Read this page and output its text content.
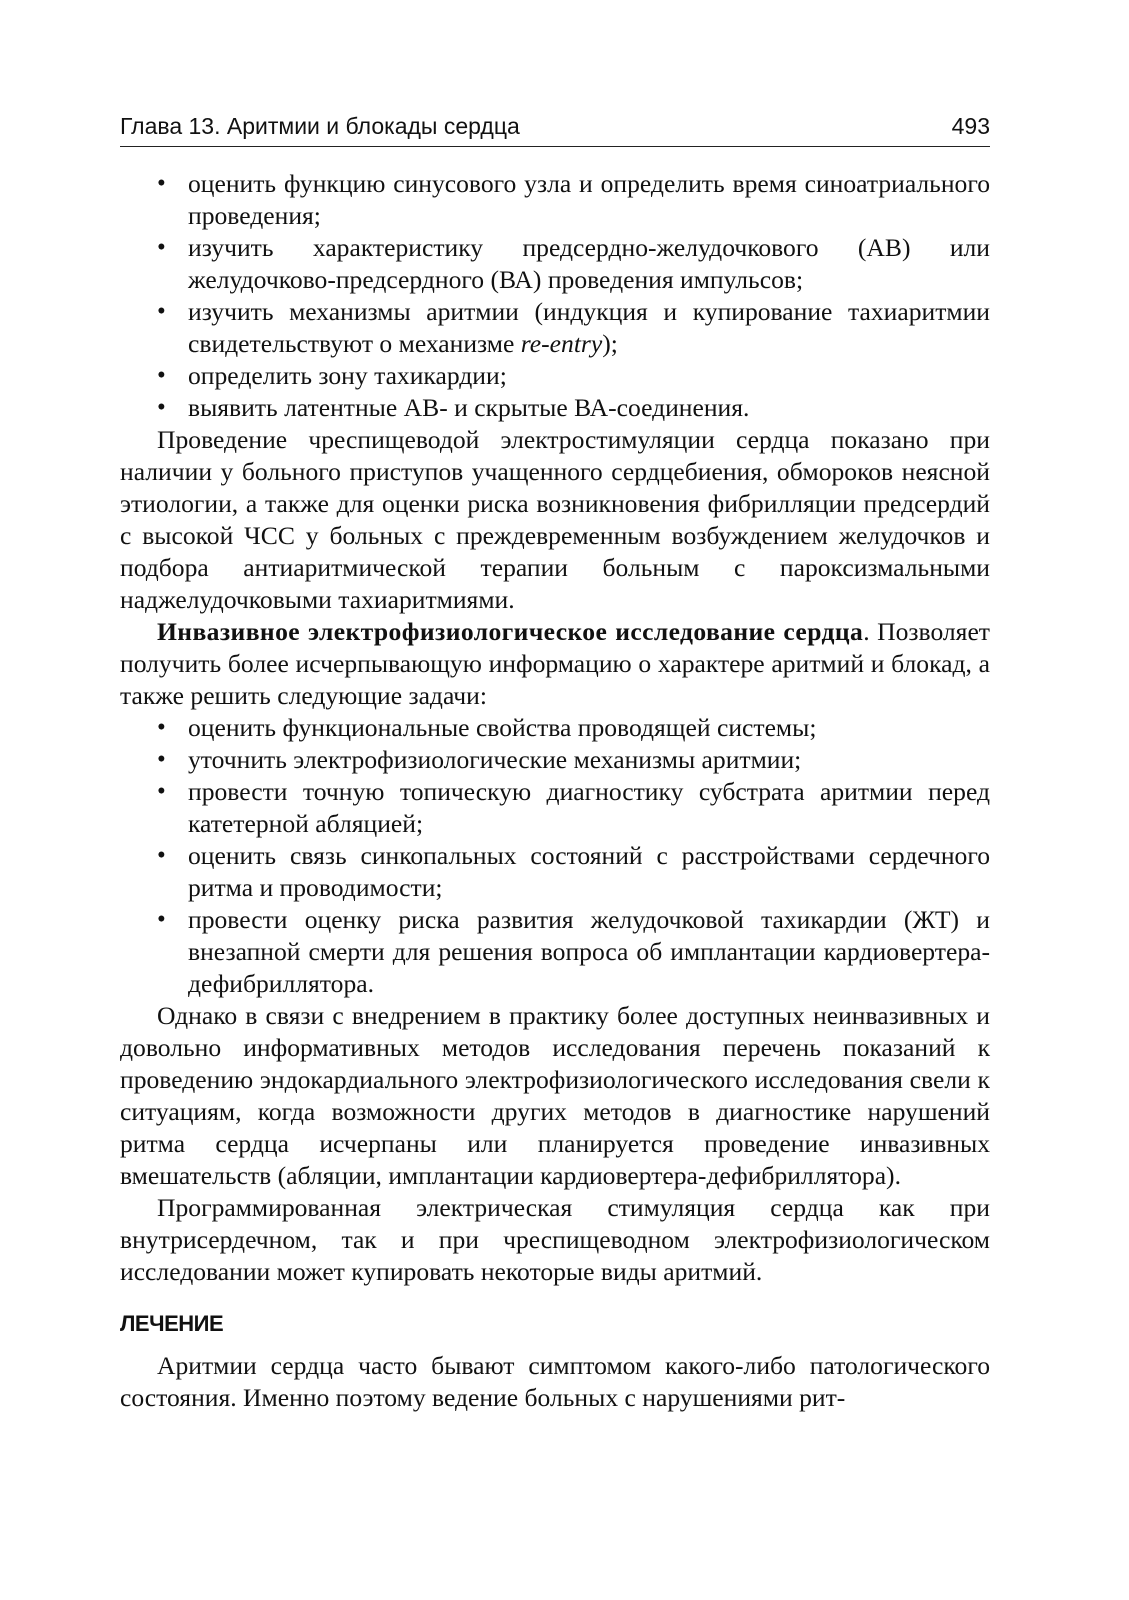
Глава 13. Аритмии и блокады сердца	493
• оценить функцию синусового узла и определить время синоатриального проведения;
• изучить характеристику предсердно-желудочкового (АВ) или желудочково-предсердного (ВА) проведения импульсов;
• изучить механизмы аритмии (индукция и купирование тахиаритмии свидетельствуют о механизме re-entry);
• определить зону тахикардии;
• выявить латентные АВ- и скрытые ВА-соединения.

Проведение чреспищеводой электростимуляции сердца показано при наличии у больного приступов учащенного сердцебиения, обмороков неясной этиологии, а также для оценки риска возникновения фибрилляции предсердий с высокой ЧСС у больных с преждевременным возбуждением желудочков и подбора антиаритмической терапии больным с пароксизмальными наджелудочковыми тахиаритмиями.

Инвазивное электрофизиологическое исследование сердца. Позволяет получить более исчерпывающую информацию о характере аритмий и блокад, а также решить следующие задачи:

• оценить функциональные свойства проводящей системы;
• уточнить электрофизиологические механизмы аритмии;
• провести точную топическую диагностику субстрата аритмии перед катетерной абляцией;
• оценить связь синкопальных состояний с расстройствами сердечного ритма и проводимости;
• провести оценку риска развития желудочковой тахикардии (ЖТ) и внезапной смерти для решения вопроса об имплантации кардиовертера-дефибриллятора.

Однако в связи с внедрением в практику более доступных неинвазивных и довольно информативных методов исследования перечень показаний к проведению эндокардиального электрофизиологического исследования свели к ситуациям, когда возможности других методов в диагностике нарушений ритма сердца исчерпаны или планируется проведение инвазивных вмешательств (абляции, имплантации кардиовертера-дефибриллятора).

Программированная электрическая стимуляция сердца как при внутрисердечном, так и при чреспищеводном электрофизиологическом исследовании может купировать некоторые виды аритмий.

ЛЕЧЕНИЕ

Аритмии сердца часто бывают симптомом какого-либо патологического состояния. Именно поэтому ведение больных с нарушениями рит-
